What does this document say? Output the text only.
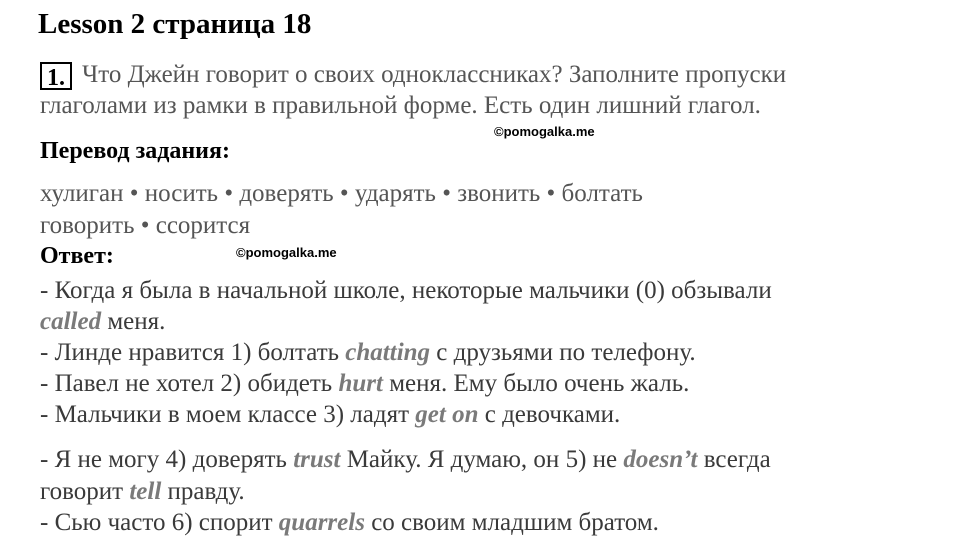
Lesson 2 страница 18
1. Что Джейн говорит о своих одноклассниках? Заполните пропуски
глаголами из рамки в правильной форме. Есть один лишний глагол.
©pomogalka.me
Перевод задания:
хулиган • носить • доверять • ударять • звонить • болтать
говорить • ссорится
Ответ:	©pomogalka.me
- Когда я была в начальной школе, некоторые мальчики (0) обзывали
called меня.
- Линде нравится 1) болтать chatting с друзьями по телефону.
- Павел не хотел 2) обидеть hurt меня. Ему было очень жаль.
- Мальчики в моем классе 3) ладят get on с девочками.
- Я не могу 4) доверять trust Майку. Я думаю, он 5) не doesn’t всегда
говорит tell правду.
- Сью часто 6) спорит quarrels со своим младшим братом.
